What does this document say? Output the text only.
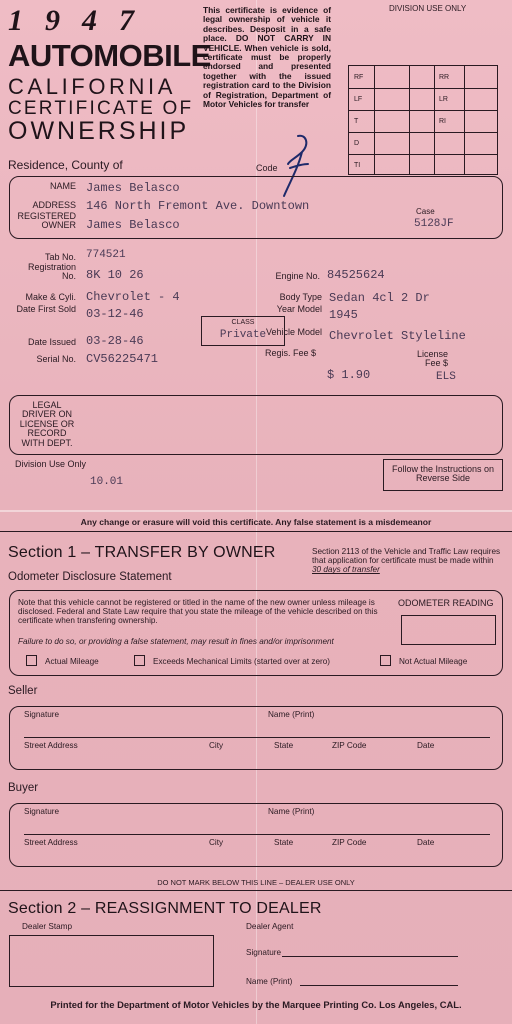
1947
AUTOMOBILE
CALIFORNIA
CERTIFICATE OF
OWNERSHIP
This certificate is evidence of legal ownership of vehicle it describes. Desposit in a safe place. DO NOT CARRY IN VEHICLE. When vehicle is sold, certificate must be properly endorsed and presented together with the issued registration card to the Division of Registration, Department of Motor Vehicles for transfer
DIVISION USE ONLY
RF	RR
LF	LR
T	RI
D
TI
Residence, County of	Code
NAME James Belasco
ADDRESS 146 North Fremont Ave. Downtown
REGISTERED OWNER James Belasco
Case
5128JF
Tab No. 774521
Registration No. 8K 10 26	Engine No. 84525624
Make & Cyli. Chevrolet - 4	Body Type Sedan 4cl 2 Dr
Date First Sold 03-12-46	Year Model 1945
CLASS
Private Vehicle Model Chevrolet Styleline
Date Issued 03-28-46
Serial No. CV56225471	Regis. Fee $
$ 1.90
License Fee $
ELS
LEGAL DRIVER ON LICENSE OR RECORD WITH DEPT.
Division Use Only
10.01
Follow the Instructions on Reverse Side
Any change or erasure will void this certificate. Any false statement is a misdemeanor
Section 1 – TRANSFER BY OWNER
Odometer Disclosure Statement
Section 2113 of the Vehicle and Traffic Law requires that application for certificate must be made within 30 days of transfer
Note that this vehicle cannot be registered or titled in the name of the new owner unless mileage is disclosed. Federal and State Law require that you state the mileage of the vehicle described on this certificate when transfering ownership.
Failure to do so, or providing a false statement, may result in fines and/or imprisonment
ODOMETER READING
Actual Mileage	Exceeds Mechanical Limits (started over at zero)	Not Actual Mileage
Seller
Signature	Name (Print)
Street Address	City	State	ZIP Code	Date
Buyer
Signature	Name (Print)
Street Address	City	State	ZIP Code	Date
DO NOT MARK BELOW THIS LINE – DEALER USE ONLY
Section 2 – REASSIGNMENT TO DEALER
Dealer Stamp	Dealer Agent
Signature
Name (Print)
Printed for the Department of Motor Vehicles by the Marquee Printing Co. Los Angeles, CAL.
